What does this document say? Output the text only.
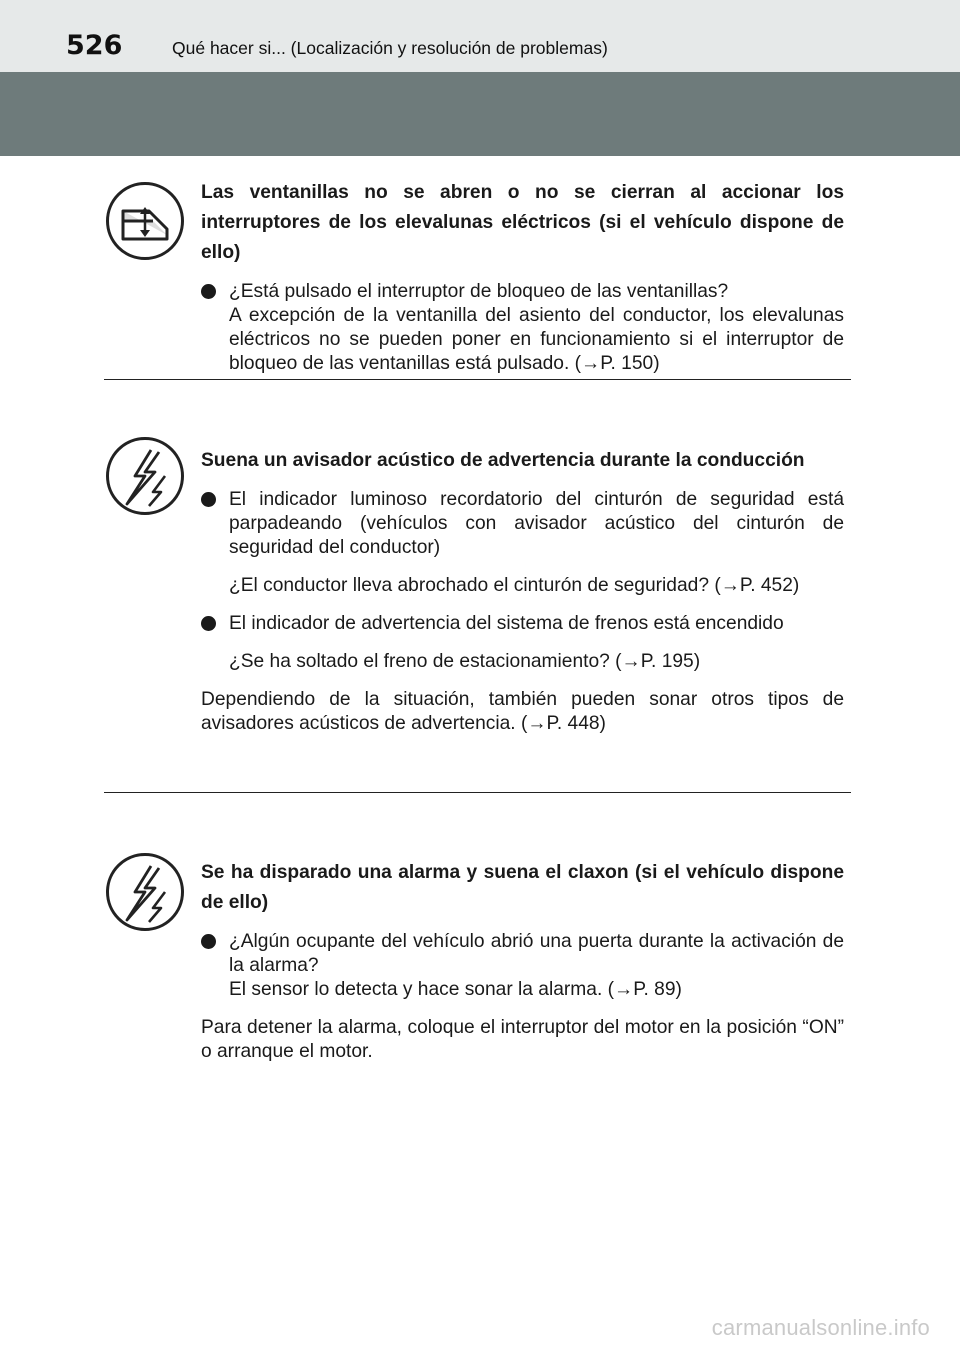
526	Qué hacer si... (Localización y resolución de problemas)

Las ventanillas no se abren o no se cierran al accionar los interruptores de los elevalunas eléctricos (si el vehículo dispone de ello)

¿Está pulsado el interruptor de bloqueo de las ventanillas?
A excepción de la ventanilla del asiento del conductor, los elevalunas eléctricos no se pueden poner en funcionamiento si el interruptor de bloqueo de las ventanillas está pulsado. (→P. 150)

Suena un avisador acústico de advertencia durante la conducción

El indicador luminoso recordatorio del cinturón de seguridad está parpadeando (vehículos con avisador acústico del cinturón de seguridad del conductor)
¿El conductor lleva abrochado el cinturón de seguridad? (→P. 452)
El indicador de advertencia del sistema de frenos está encendido
¿Se ha soltado el freno de estacionamiento? (→P. 195)
Dependiendo de la situación, también pueden sonar otros tipos de avisadores acústicos de advertencia. (→P. 448)

Se ha disparado una alarma y suena el claxon (si el vehículo dispone de ello)

¿Algún ocupante del vehículo abrió una puerta durante la activación de la alarma?
El sensor lo detecta y hace sonar la alarma. (→P. 89)
Para detener la alarma, coloque el interruptor del motor en la posición “ON” o arranque el motor.
carmanualsonline.info
